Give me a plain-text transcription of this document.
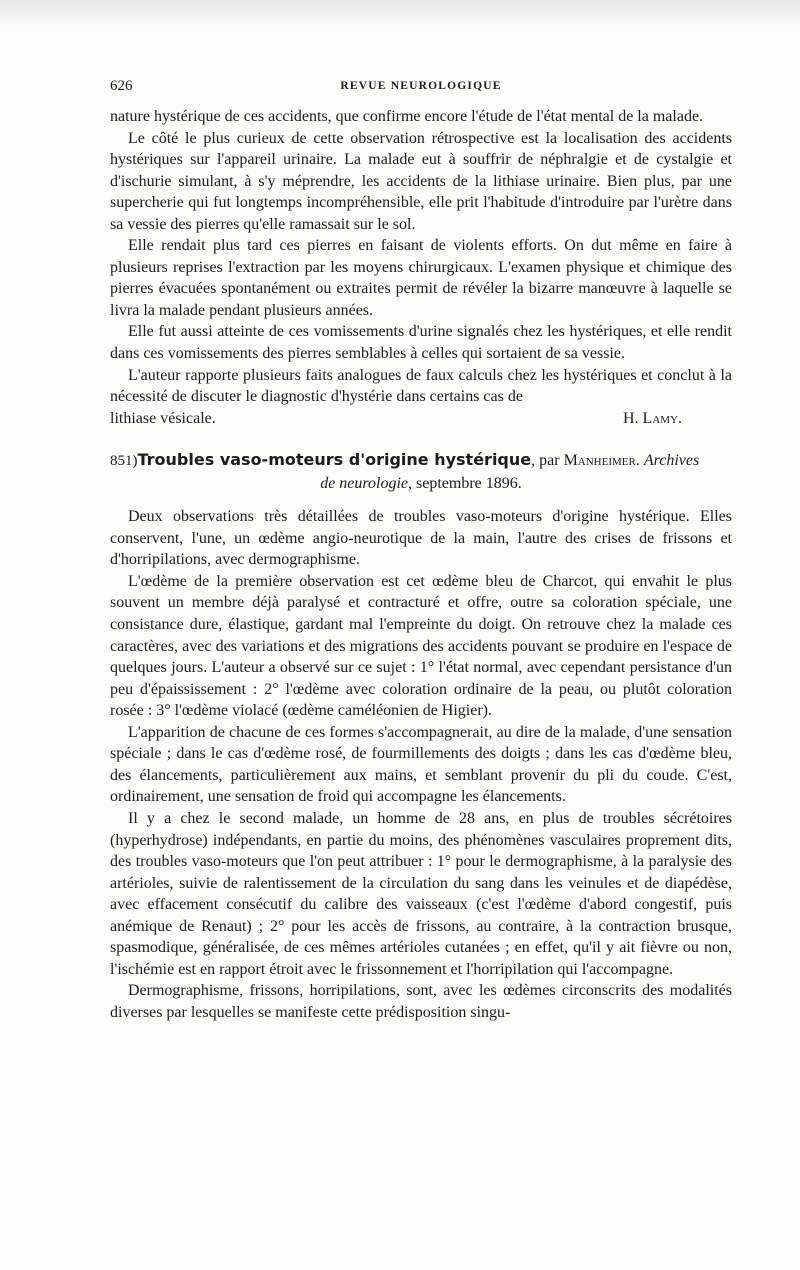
626	REVUE NEUROLOGIQUE

nature hystérique de ces accidents, que confirme encore l'étude de l'état mental de la malade.

Le côté le plus curieux de cette observation rétrospective est la localisation des accidents hystériques sur l'appareil urinaire. La malade eut à souffrir de néphralgie et de cystalgie et d'ischurie simulant, à s'y méprendre, les accidents de la lithiase urinaire. Bien plus, par une supercherie qui fut longtemps incompréhensible, elle prit l'habitude d'introduire par l'urètre dans sa vessie des pierres qu'elle ramassait sur le sol.

Elle rendait plus tard ces pierres en faisant de violents efforts. On dut même en faire à plusieurs reprises l'extraction par les moyens chirurgicaux. L'examen physique et chimique des pierres évacuées spontanément ou extraites permit de révéler la bizarre manœuvre à laquelle se livra la malade pendant plusieurs années.

Elle fut aussi atteinte de ces vomissements d'urine signalés chez les hystériques, et elle rendit dans ces vomissements des pierres semblables à celles qui sortaient de sa vessie.

L'auteur rapporte plusieurs faits analogues de faux calculs chez les hystériques et conclut à la nécessité de discuter le diagnostic d'hystérie dans certains cas de

lithiase vésicale.	H. Lamy.
851)Troubles vaso-moteurs d'origine hystérique, par Manheimer. Archives
de neurologie, septembre 1896.

Deux observations très détaillées de troubles vaso-moteurs d'origine hystérique. Elles conservent, l'une, un œdème angio-neurotique de la main, l'autre des crises de frissons et d'horripilations, avec dermographisme.

L'œdème de la première observation est cet œdème bleu de Charcot, qui envahit le plus souvent un membre déjà paralysé et contracturé et offre, outre sa coloration spéciale, une consistance dure, élastique, gardant mal l'empreinte du doigt. On retrouve chez la malade ces caractères, avec des variations et des migrations des accidents pouvant se produire en l'espace de quelques jours. L'auteur a observé sur ce sujet : 1° l'état normal, avec cependant persistance d'un peu d'épaississement : 2° l'œdème avec coloration ordinaire de la peau, ou plutôt coloration rosée : 3° l'œdème violacé (œdème caméléonien de Higier).

L'apparition de chacune de ces formes s'accompagnerait, au dire de la malade, d'une sensation spéciale ; dans le cas d'œdème rosé, de fourmillements des doigts ; dans les cas d'œdème bleu, des élancements, particulièrement aux mains, et semblant provenir du pli du coude. C'est, ordinairement, une sensation de froid qui accompagne les élancements.

Il y a chez le second malade, un homme de 28 ans, en plus de troubles sécrétoires (hyperhydrose) indépendants, en partie du moins, des phénomènes vasculaires proprement dits, des troubles vaso-moteurs que l'on peut attribuer : 1° pour le dermographisme, à la paralysie des artérioles, suivie de ralentissement de la circulation du sang dans les veinules et de diapédèse, avec effacement consécutif du calibre des vaisseaux (c'est l'œdème d'abord congestif, puis anémique de Renaut) ; 2° pour les accès de frissons, au contraire, à la contraction brusque, spasmodique, généralisée, de ces mêmes artérioles cutanées ; en effet, qu'il y ait fièvre ou non, l'ischémie est en rapport étroit avec le frissonnement et l'horripilation qui l'accompagne.

Dermographisme, frissons, horripilations, sont, avec les œdèmes circonscrits des modalités diverses par lesquelles se manifeste cette prédisposition singu-
